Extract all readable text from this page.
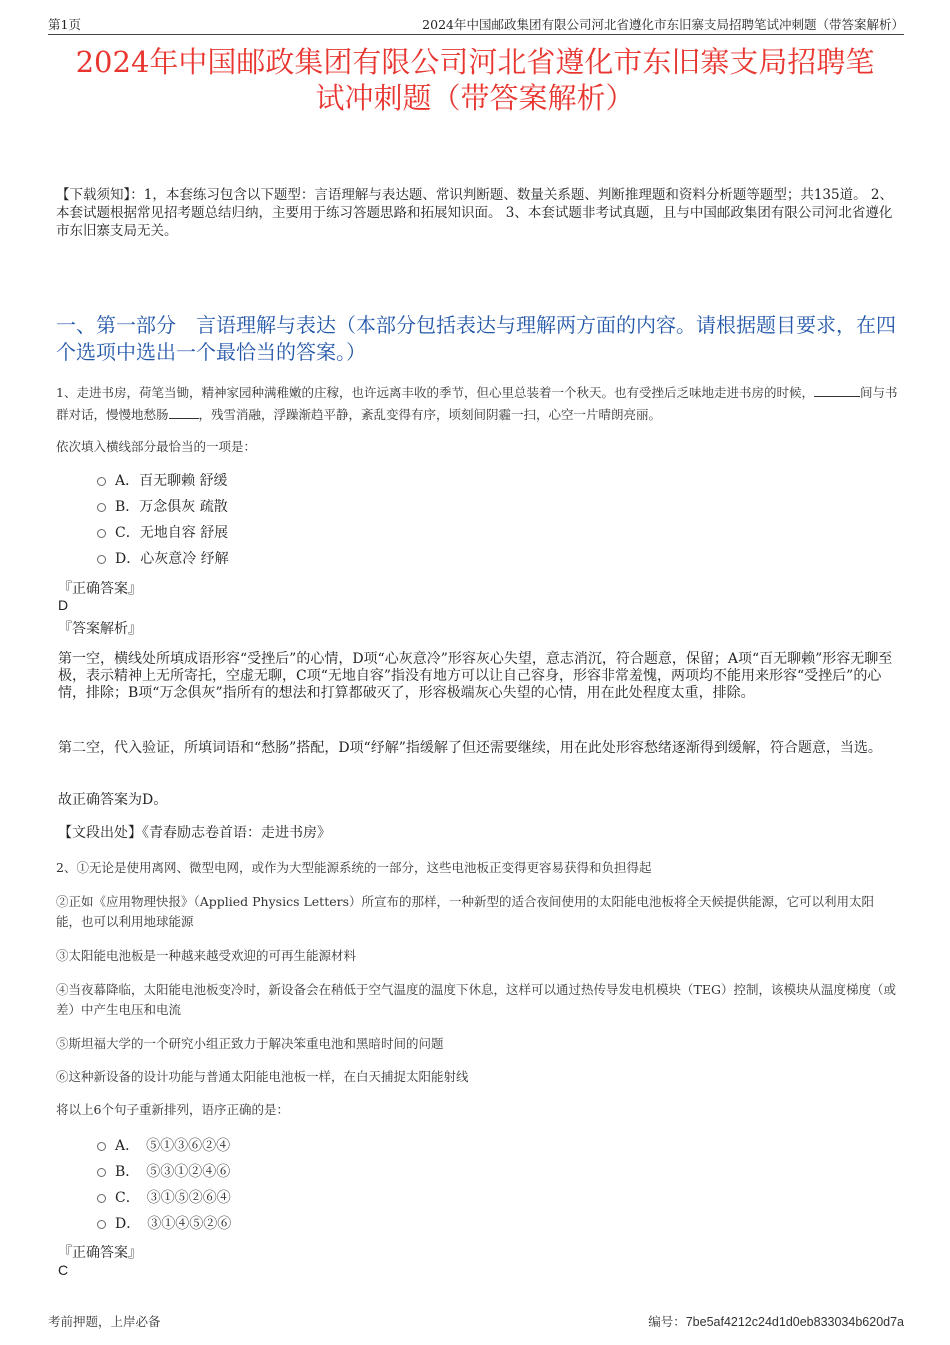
第1页	2024年中国邮政集团有限公司河北省遵化市东旧寨支局招聘笔试冲刺题（带答案解析）
2024年中国邮政集团有限公司河北省遵化市东旧寨支局招聘笔
试冲刺题（带答案解析）
【下载须知】：1，本套练习包含以下题型：言语理解与表达题、常识判断题、数量关系题、判断推理题和资料分析题等题型；共135道。 2、本套试题根据常见招考题总结归纳，主要用于练习答题思路和拓展知识面。 3、本套试题非考试真题，且与中国邮政集团有限公司河北省遵化市东旧寨支局无关。
一、第一部分　言语理解与表达（本部分包括表达与理解两方面的内容。请根据题目要求，在四个选项中选出一个最恰当的答案。）
1、走进书房，荷笔当锄，精神家园种满稚嫩的庄稼，也许远离丰收的季节，但心里总装着一个秋天。也有受挫后乏味地走进书房的时候，	间与书群对话，慢慢地愁肠 ，残雪消融，浮躁渐趋平静，紊乱变得有序，顷刻间阴霾一扫，心空一片晴朗亮丽。
依次填入横线部分最恰当的一项是：
A．百无聊赖 舒缓
B．万念俱灰 疏散
C．无地自容 舒展
D．心灰意冷 纾解
『正确答案』
D
『答案解析』
第一空，横线处所填成语形容“受挫后”的心情，D项“心灰意冷”形容灰心失望，意志消沉，符合题意，保留；A项“百无聊赖”形容无聊至极，表示精神上无所寄托，空虚无聊，C项“无地自容”指没有地方可以让自己容身，形容非常羞愧，两项均不能用来形容“受挫后”的心情，排除；B项“万念俱灰”指所有的想法和打算都破灭了，形容极端灰心失望的心情，用在此处程度太重，排除。
第二空，代入验证，所填词语和“愁肠”搭配，D项“纾解”指缓解了但还需要继续，用在此处形容愁绪逐渐得到缓解，符合题意，当选。
故正确答案为D。
【文段出处】《青春励志卷首语：走进书房》
2、①无论是使用离网、微型电网，或作为大型能源系统的一部分，这些电池板正变得更容易获得和负担得起
②正如《应用物理快报》（Applied Physics Letters）所宣布的那样，一种新型的适合夜间使用的太阳能电池板将全天候提供能源，它可以利用太阳能，也可以利用地球能源
③太阳能电池板是一种越来越受欢迎的可再生能源材料
④当夜幕降临，太阳能电池板变冷时，新设备会在稍低于空气温度的温度下休息，这样可以通过热传导发电机模块（TEG）控制，该模块从温度梯度（或差）中产生电压和电流
⑤斯坦福大学的一个研究小组正致力于解决笨重电池和黑暗时间的问题
⑥这种新设备的设计功能与普通太阳能电池板一样，在白天捕捉太阳能射线
将以上6个句子重新排列，语序正确的是：
A．　⑤①③⑥②④
B．　⑤③①②④⑥
C．　③①⑤②⑥④
D．　③①④⑤②⑥
『正确答案』
C
考前押题，上岸必备	编号：7be5af4212c24d1d0eb833034b620d7a
